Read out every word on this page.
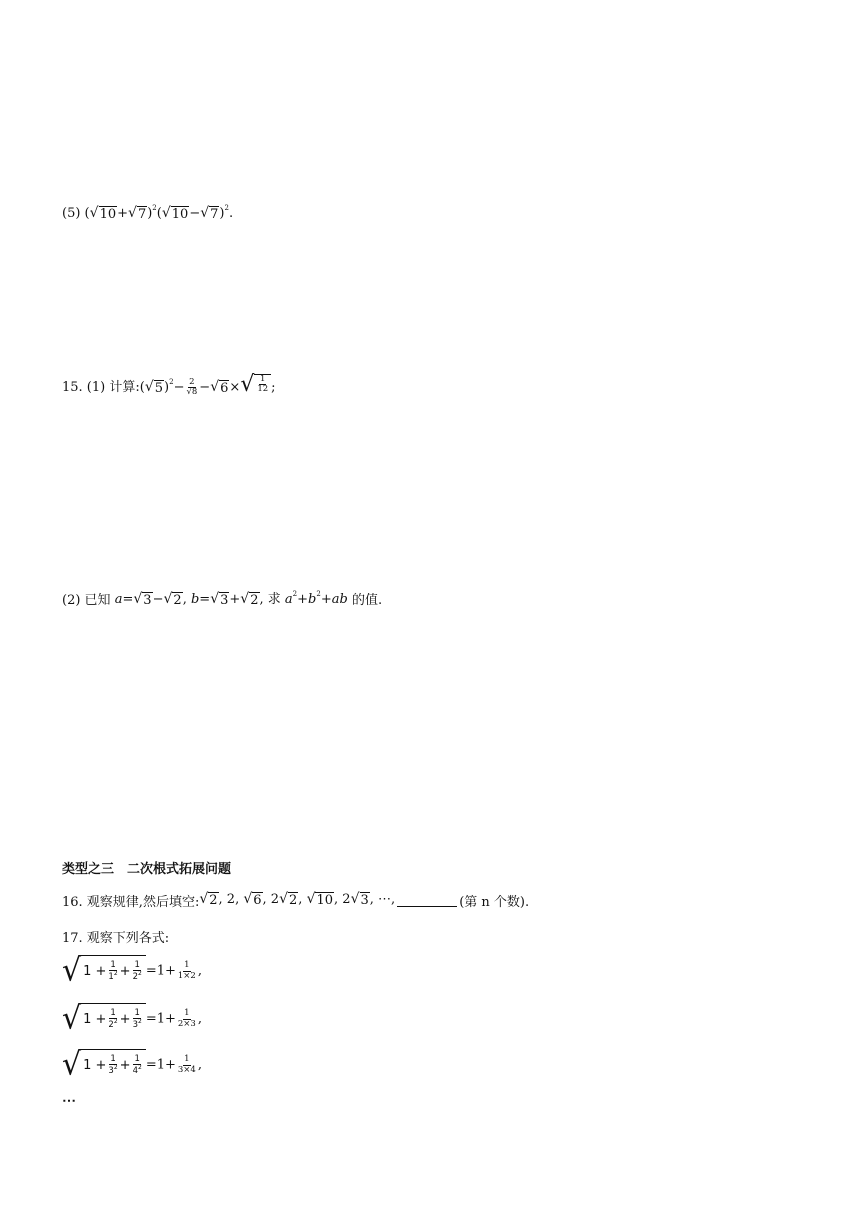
(5) ( √ 10 + √ 7 )$^2$( √ 10 − √ 7 )$^2$.
15. (1) 计算: ( √ 5 )$^2- \frac{2}{√8}$ − √ 6 × √ $\frac{1}{12}$ ;
(2) 已知 a= √ 3 − √ 2 , b= √ 3 + √ 2 , 求 $a^2+b^2+ab$ 的值.
类型之三　二次根式拓展问题
16. 观察规律,然后填空: √ 2 , 2, √ 6 , 2 √ 2 , √ 10 , 2 √ 3 , ⋯,	(第 n 个数).
17. 观察下列各式:
√ $1 + \frac{1}{1^2} + \frac{1}{2^2} =1+ \frac{1}{1\times 2}$ ,
√ $1 + \frac{1}{2^2} + \frac{1}{3^2} =1+ \frac{1}{2\times 3}$ ,
√ $1 + \frac{1}{3^2} + \frac{1}{4^2} =1+ \frac{1}{3\times 4}$ ,
⋯
